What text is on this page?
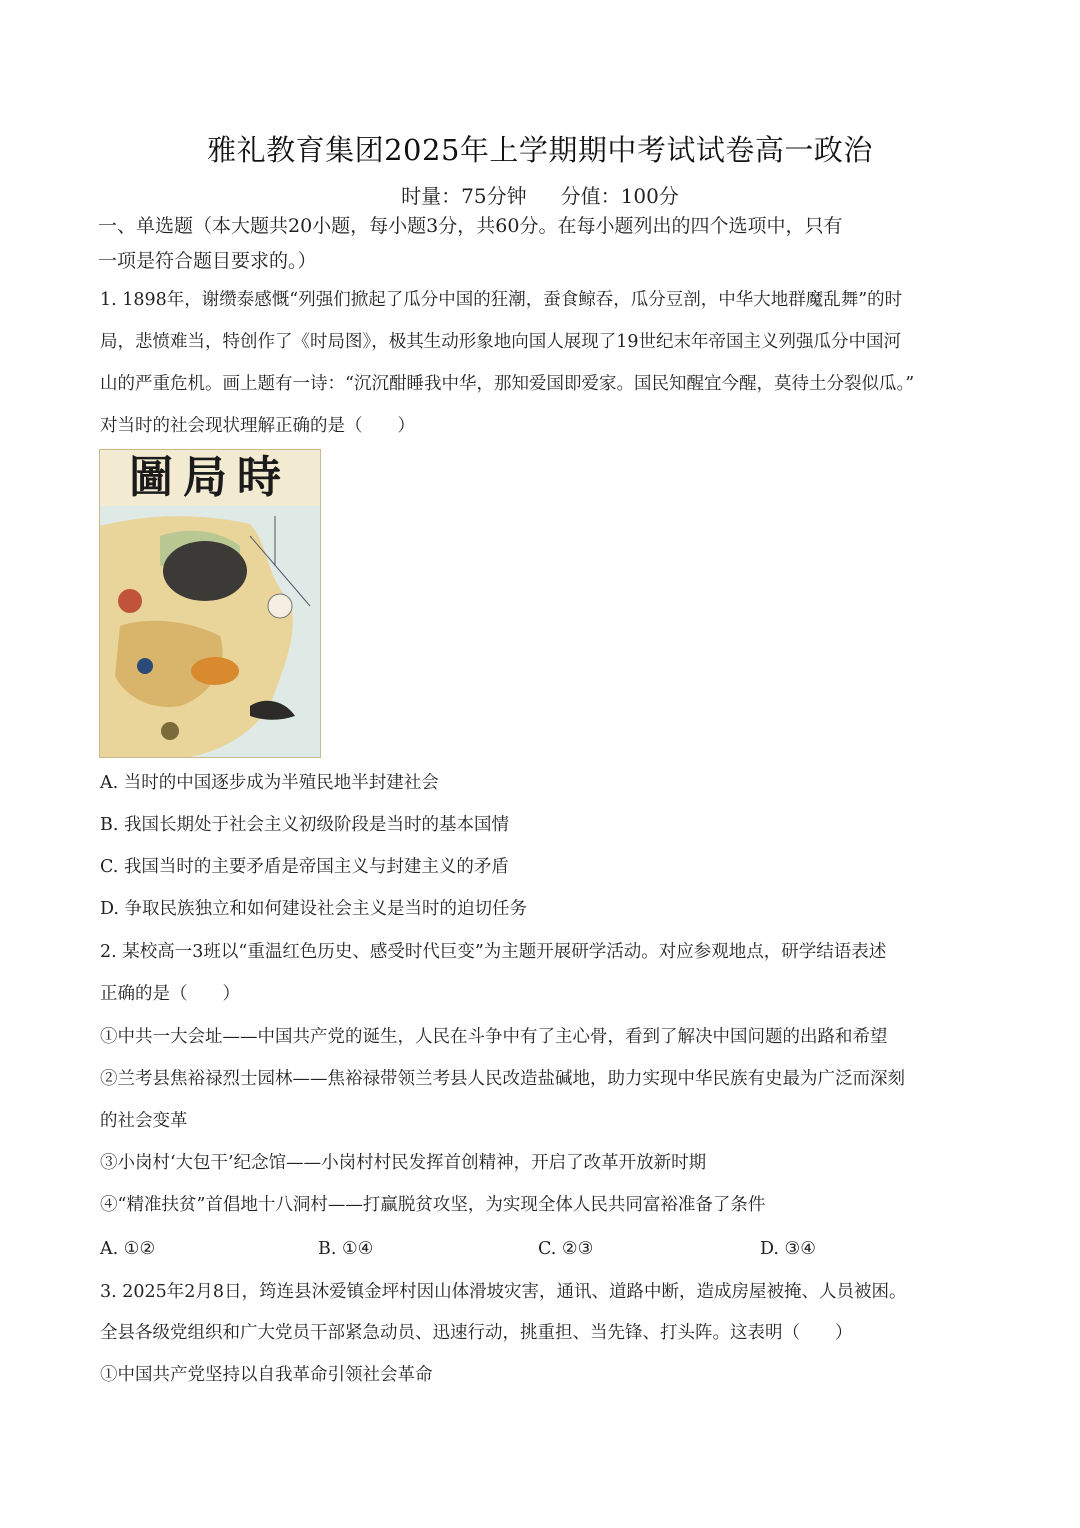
雅礼教育集团2025年上学期期中考试试卷高一政治
时量：75分钟 分值：100分
一、单选题（本大题共20小题，每小题3分，共60分。在每小题列出的四个选项中，只有
一项是符合题目要求的。）
1. 1898年，谢缵泰感慨“列强们掀起了瓜分中国的狂潮，蚕食鲸吞，瓜分豆剖，中华大地群魔乱舞”的时
局，悲愤难当，特创作了《时局图》，极其生动形象地向国人展现了19世纪末年帝国主义列强瓜分中国河
山的严重危机。画上题有一诗：“沉沉酣睡我中华，那知爱国即爱家。国民知醒宜今醒，莫待土分裂似瓜。”
对当时的社会现状理解正确的是（　　）
圖局時
A. 当时的中国逐步成为半殖民地半封建社会
B. 我国长期处于社会主义初级阶段是当时的基本国情
C. 我国当时的主要矛盾是帝国主义与封建主义的矛盾
D. 争取民族独立和如何建设社会主义是当时的迫切任务
2. 某校高一3班以“重温红色历史、感受时代巨变”为主题开展研学活动。对应参观地点，研学结语表述
正确的是（　　）
①中共一大会址——中国共产党的诞生，人民在斗争中有了主心骨，看到了解决中国问题的出路和希望
②兰考县焦裕禄烈士园林——焦裕禄带领兰考县人民改造盐碱地，助力实现中华民族有史最为广泛而深刻
的社会变革
③小岗村‘大包干’纪念馆——小岗村村民发挥首创精神，开启了改革开放新时期
④“精准扶贫”首倡地十八洞村——打赢脱贫攻坚，为实现全体人民共同富裕准备了条件
A. ①②	B. ①④	C. ②③	D. ③④
3. 2025年2月8日，筠连县沐爱镇金坪村因山体滑坡灾害，通讯、道路中断，造成房屋被掩、人员被困。
全县各级党组织和广大党员干部紧急动员、迅速行动，挑重担、当先锋、打头阵。这表明（　　）
①中国共产党坚持以自我革命引领社会革命
